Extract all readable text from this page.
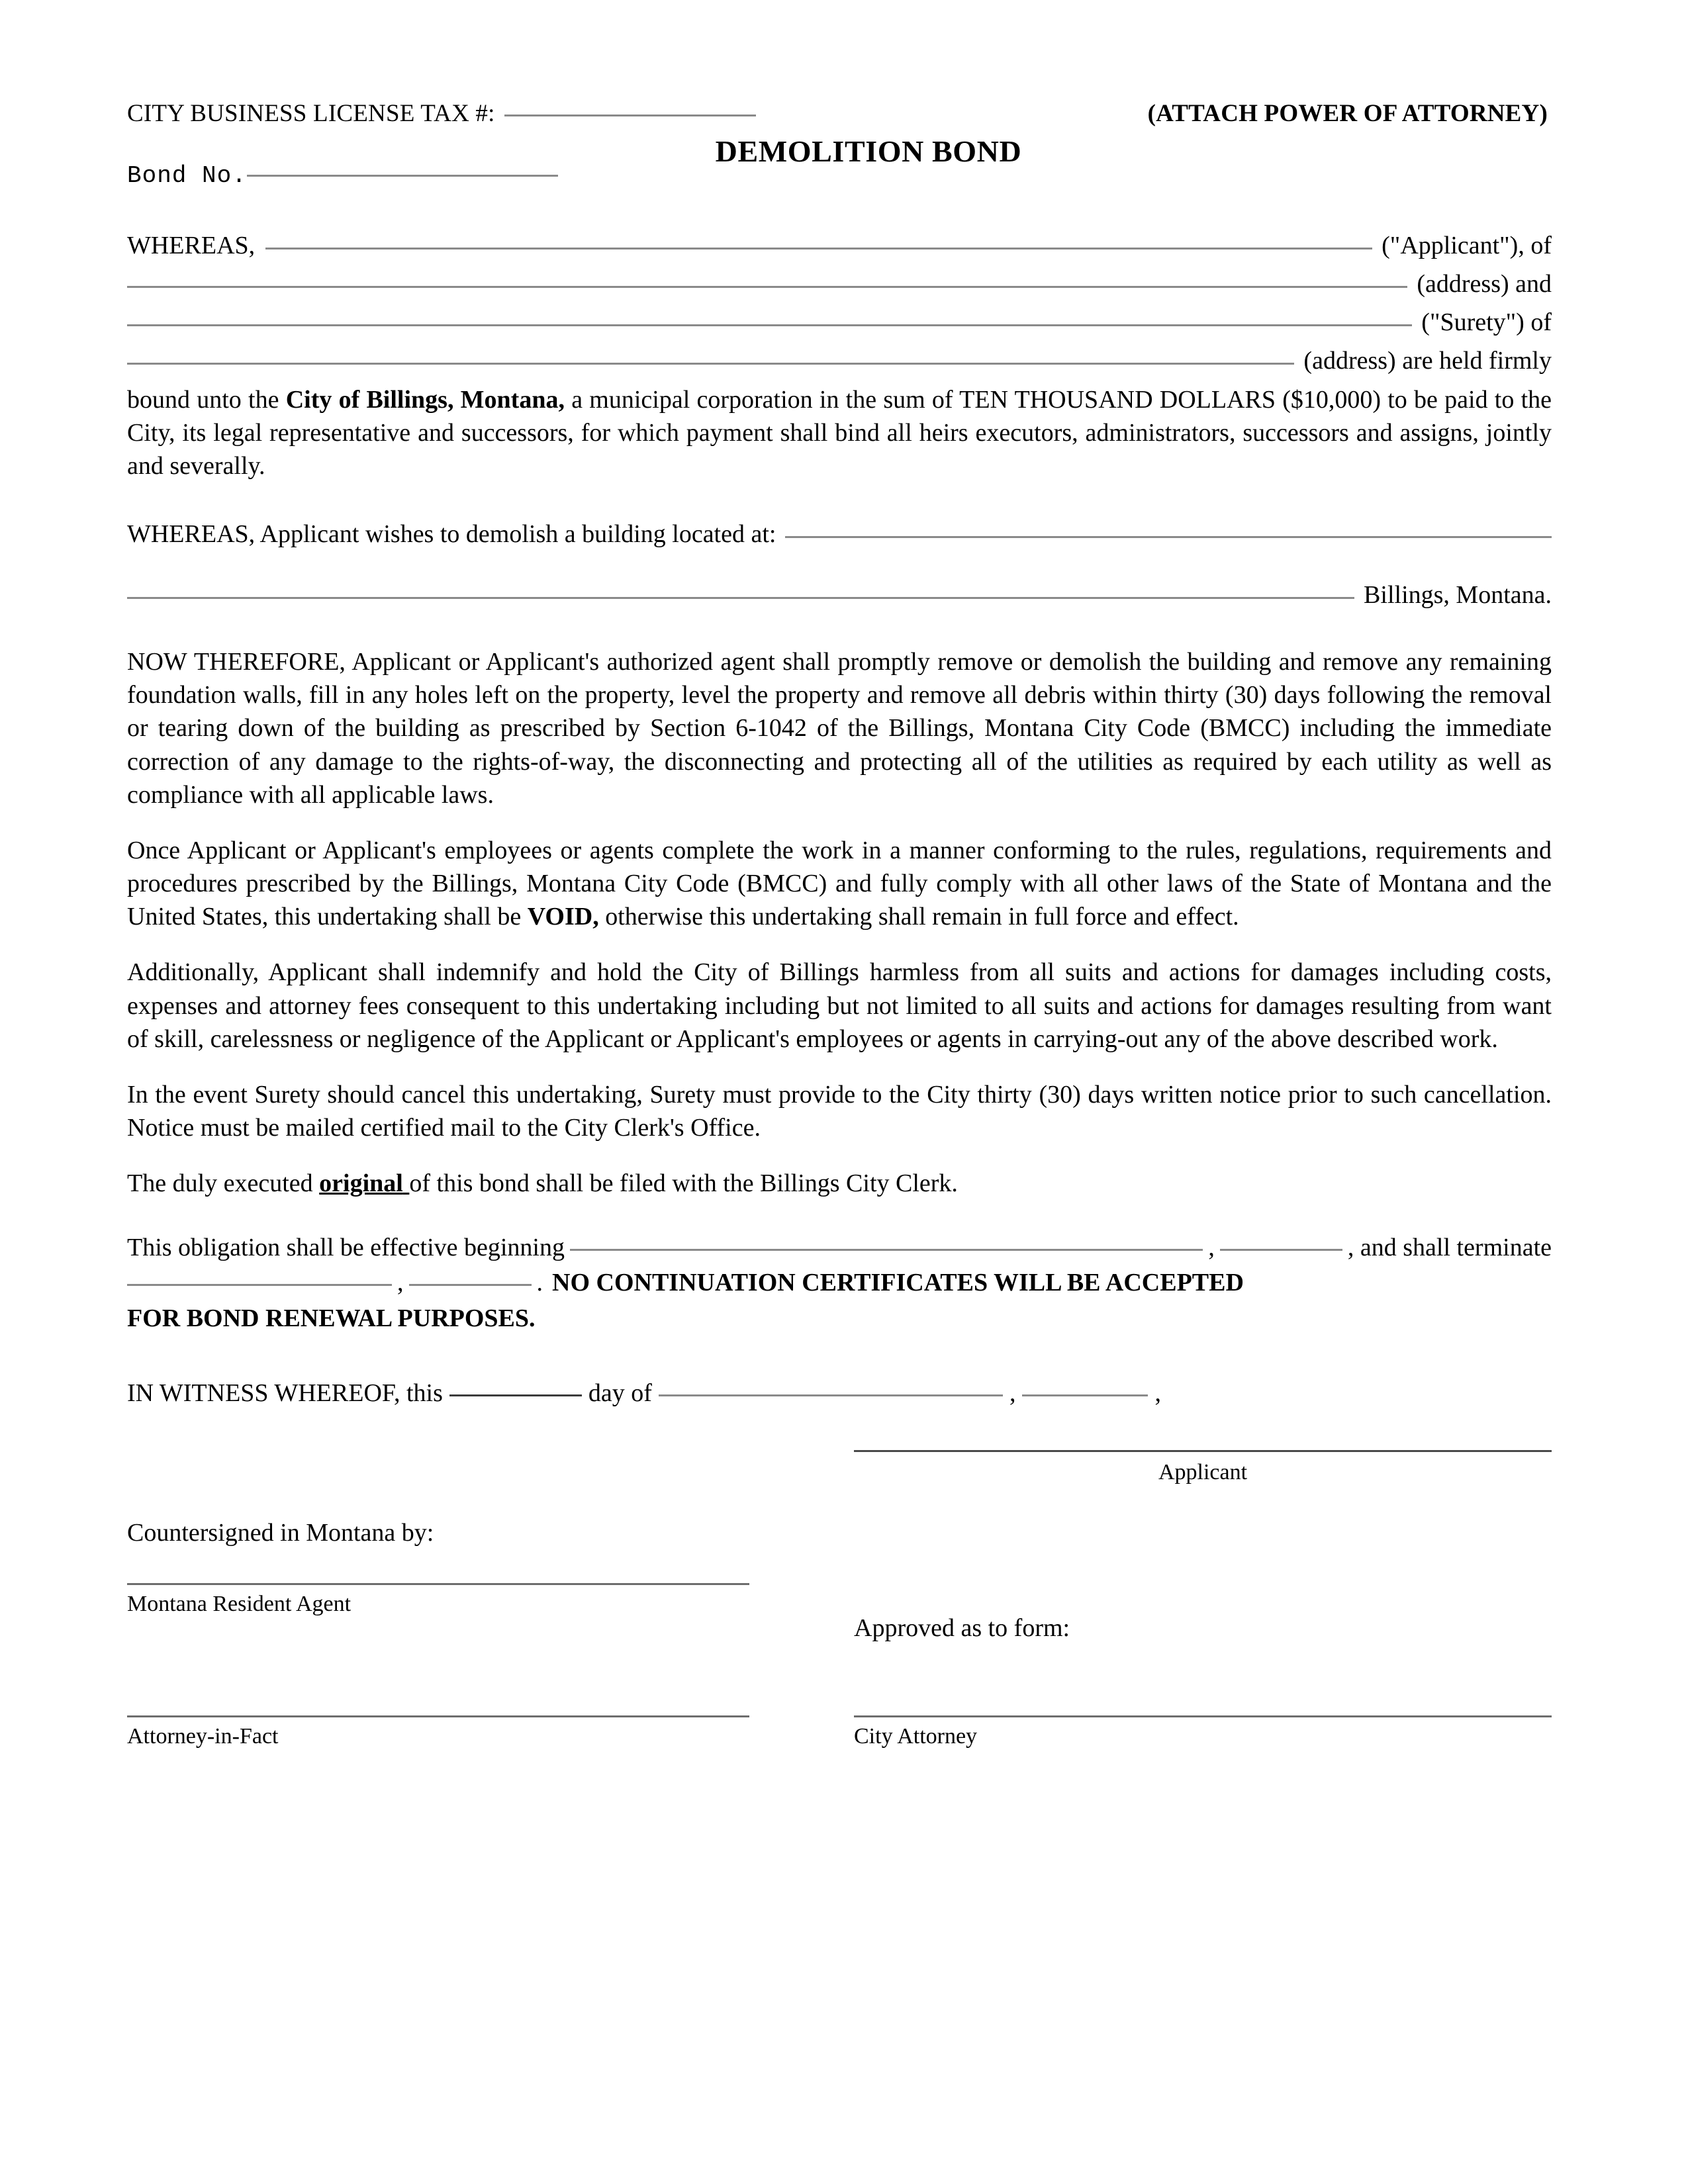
CITY BUSINESS LICENSE TAX #:	(ATTACH POWER OF ATTORNEY)
Bond No.
DEMOLITION BOND
WHEREAS,	("Applicant"), of
(address) and
("Surety") of
(address) are held firmly

bound unto the City of Billings, Montana, a municipal corporation in the sum of TEN THOUSAND DOLLARS ($10,000) to be paid to the City, its legal representative and successors, for which payment shall bind all heirs executors, administrators, successors and assigns, jointly and severally.

WHEREAS, Applicant wishes to demolish a building located at:
Billings, Montana.

NOW THEREFORE, Applicant or Applicant's authorized agent shall promptly remove or demolish the building and remove any remaining foundation walls, fill in any holes left on the property, level the property and remove all debris within thirty (30) days following the removal or tearing down of the building as prescribed by Section 6-1042 of the Billings, Montana City Code (BMCC) including the immediate correction of any damage to the rights-of-way, the disconnecting and protecting all of the utilities as required by each utility as well as compliance with all applicable laws.

Once Applicant or Applicant's employees or agents complete the work in a manner conforming to the rules, regulations, requirements and procedures prescribed by the Billings, Montana City Code (BMCC) and fully comply with all other laws of the State of Montana and the United States, this undertaking shall be VOID, otherwise this undertaking shall remain in full force and effect.

Additionally, Applicant shall indemnify and hold the City of Billings harmless from all suits and actions for damages including costs, expenses and attorney fees consequent to this undertaking including but not limited to all suits and actions for damages resulting from want of skill, carelessness or negligence of the Applicant or Applicant's employees or agents in carrying-out any of the above described work.

In the event Surety should cancel this undertaking, Surety must provide to the City thirty (30) days written notice prior to such cancellation. Notice must be mailed certified mail to the City Clerk's Office.

The duly executed original of this bond shall be filed with the Billings City Clerk.

This obligation shall be effective beginning	,	, and shall terminate
,	. NO CONTINUATION CERTIFICATES WILL BE ACCEPTED
FOR BOND RENEWAL PURPOSES.
IN WITNESS WHEREOF, this	day of	,	,
Applicant
Countersigned in Montana by:
Montana Resident Agent
Approved as to form:
Attorney-in-Fact	City Attorney
